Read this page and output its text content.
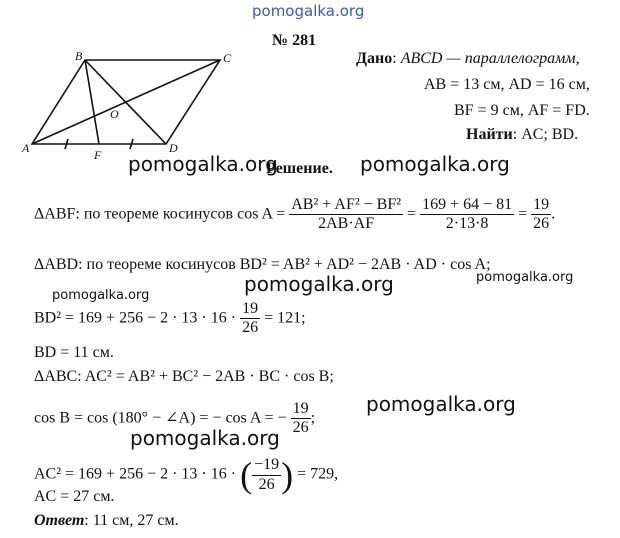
pomogalka.org
№ 281
A
B	C
D
F
O
Дано: ABCD — параллелограмм,
AB = 13 см, AD = 16 см,
BF = 9 см, AF = FD.
Найти: AC; BD.
pomogalka.org
Решение. pomogalka.org
ΔABF: по теореме косинусов $\cos A = \frac{\text{AB² + AF² − BF²}}{2AB\cdot AF} = \frac{169 + 64 - 81}{2\cdot 13\cdot 8} = \frac{19}{26}$ .
ΔABD: по теореме косинусов BD² = AB² + AD² − 2AB · AD · cos A;
pomogalka.org	pomogalka.org
pomogalka.org
$BD^2 = 169 + 256 - 2 \cdot 13 \cdot 16 \cdot \frac{19}{26} = 121$;
BD = 11 см.
ΔABC: AC² = AB² + BC² − 2AB · BC · cos B;
pomogalka.org
cos B = cos (180° − ∠A) = − cos A = − $\frac{19}{26}$ ;
pomogalka.org
AC² = 169 + 256 − 2 · 13 · 16 · ( $\frac{-19}{26}$ ) = 729,
AC = 27 см.
Ответ: 11 см, 27 см.
